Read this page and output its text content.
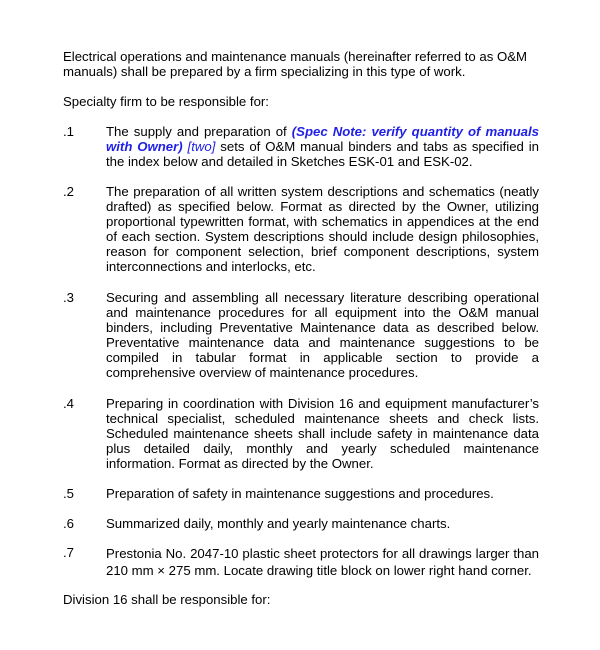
Electrical operations and maintenance manuals (hereinafter referred to as O&M
manuals) shall be prepared by a firm specializing in this type of work.
Specialty firm to be responsible for:
.1	The supply and preparation of (Spec Note: verify quantity of manuals
with Owner) [two] sets of O&M manual binders and tabs as specified in
the index below and detailed in Sketches ESK-01 and ESK-02.
.2	The preparation of all written system descriptions and schematics (neatly
drafted) as specified below. Format as directed by the Owner, utilizing
proportional typewritten format, with schematics in appendices at the end
of each section. System descriptions should include design philosophies,
reason for component selection, brief component descriptions, system
interconnections and interlocks, etc.
.3	Securing and assembling all necessary literature describing operational
and maintenance procedures for all equipment into the O&M manual
binders, including Preventative Maintenance data as described below.
Preventative maintenance data and maintenance suggestions to be
compiled in tabular format in applicable section to provide a
comprehensive overview of maintenance procedures.
.4	Preparing in coordination with Division 16 and equipment manufacturer’s
technical specialist, scheduled maintenance sheets and check lists.
Scheduled maintenance sheets shall include safety in maintenance data
plus detailed daily, monthly and yearly scheduled maintenance
information. Format as directed by the Owner.
.5	Preparation of safety in maintenance suggestions and procedures.
.6	Summarized daily, monthly and yearly maintenance charts.
.7	Prestonia No. 2047-10 plastic sheet protectors for all drawings larger than
210 mm × 275 mm. Locate drawing title block on lower right hand corner.
Division 16 shall be responsible for:
